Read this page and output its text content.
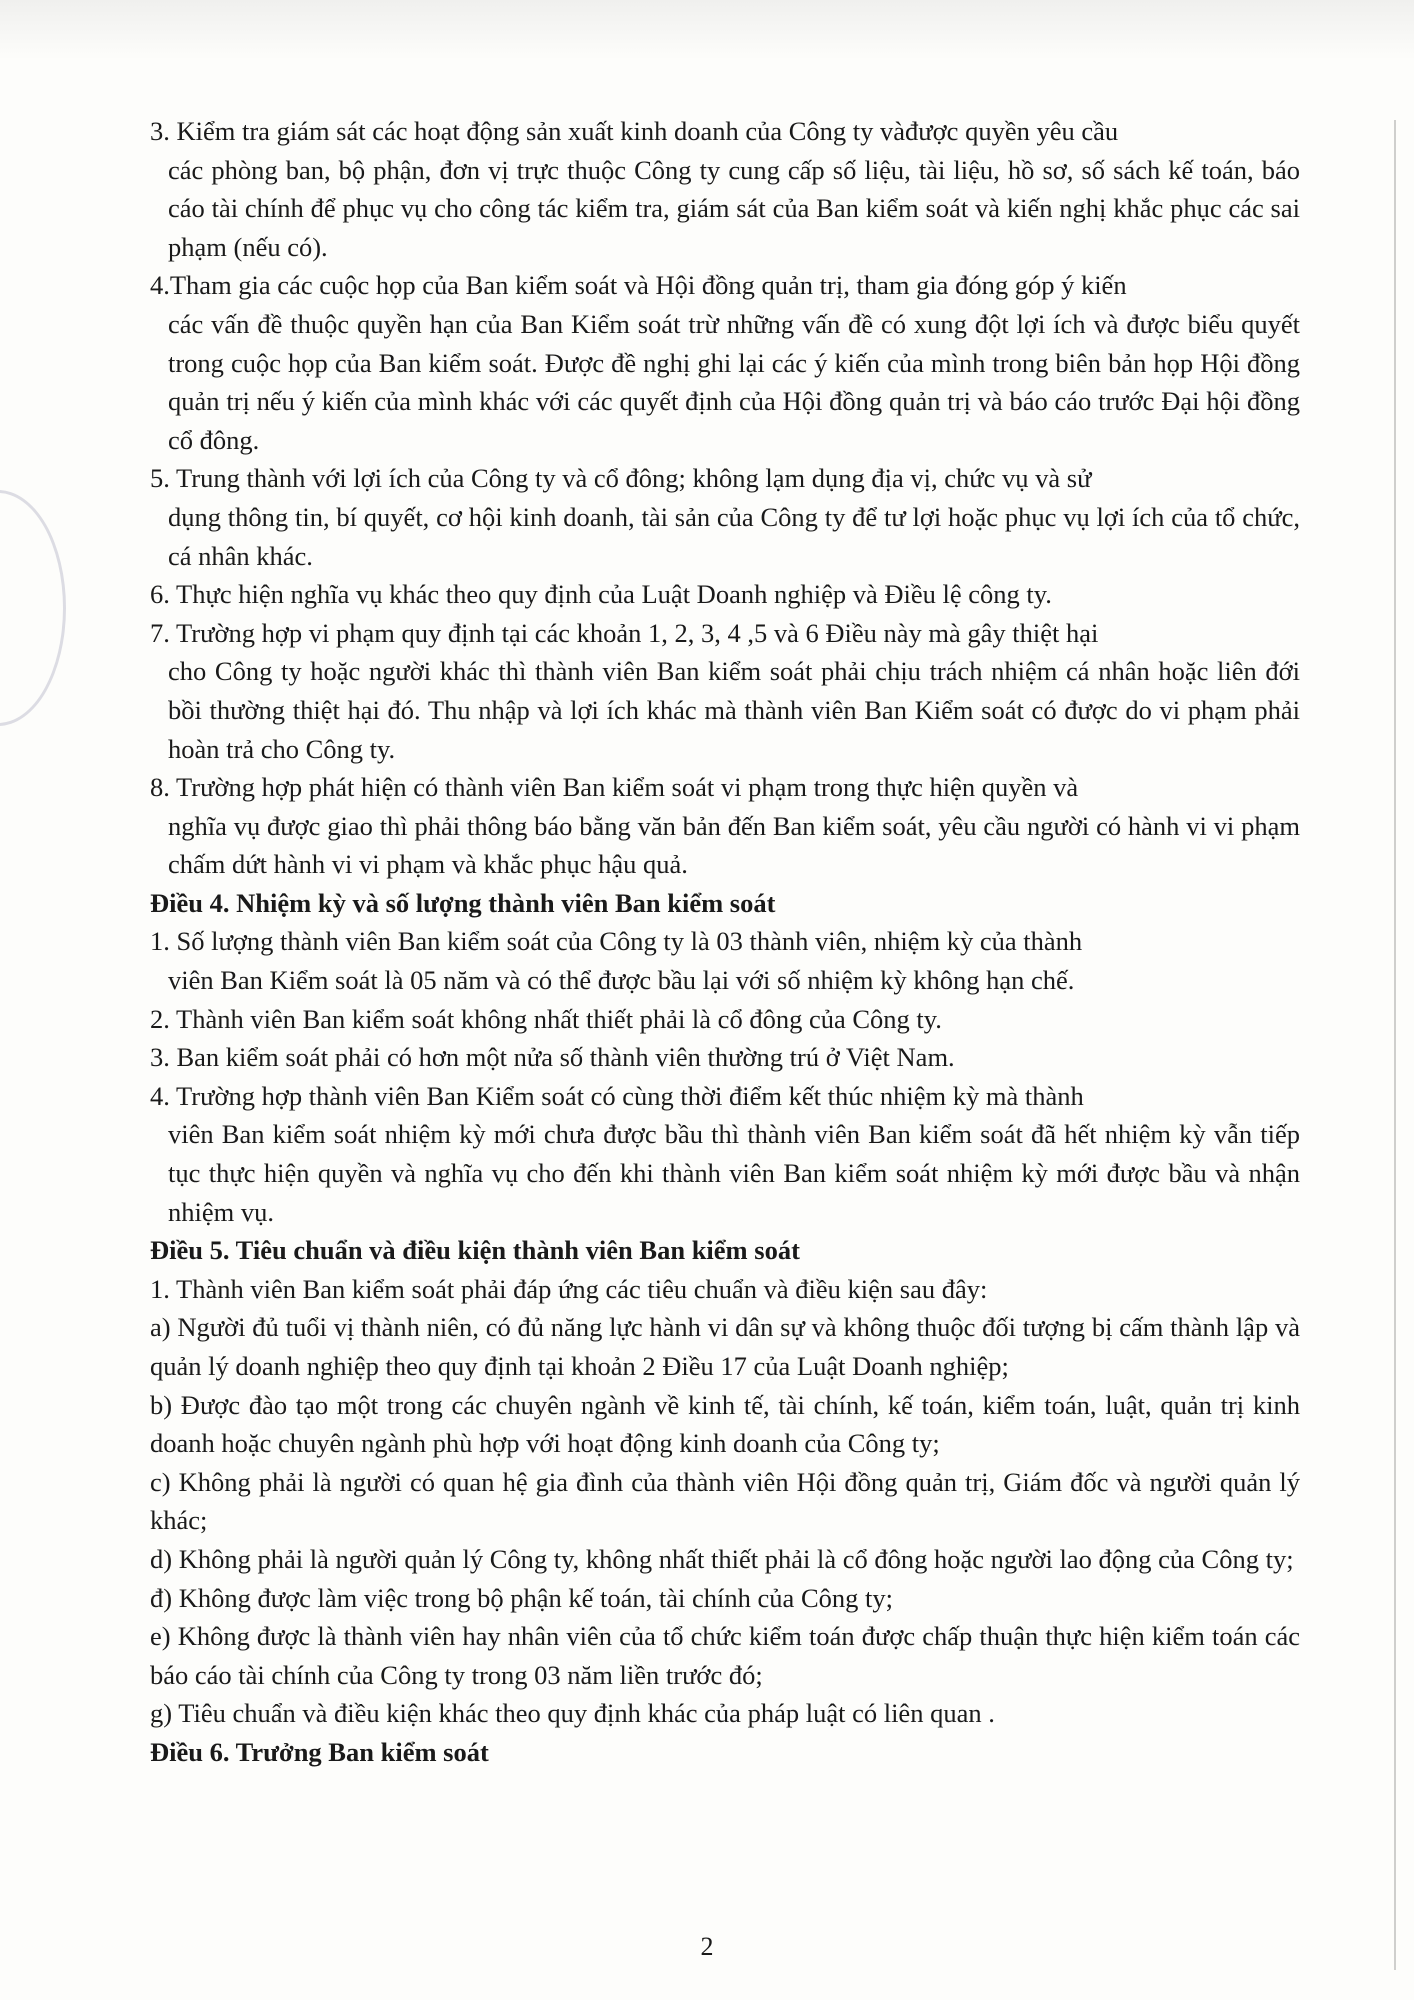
3. Kiểm tra giám sát các hoạt động sản xuất kinh doanh của Công ty vàđược quyền yêu cầu

các phòng ban, bộ phận, đơn vị trực thuộc Công ty cung cấp số liệu, tài liệu, hồ sơ, số sách kế toán, báo cáo tài chính để phục vụ cho công tác kiểm tra, giám sát của Ban kiểm soát và kiến nghị khắc phục các sai phạm (nếu có).

4.Tham gia các cuộc họp của Ban kiểm soát và Hội đồng quản trị, tham gia đóng góp ý kiến

các vấn đề thuộc quyền hạn của Ban Kiểm soát trừ những vấn đề có xung đột lợi ích và được biểu quyết trong cuộc họp của Ban kiểm soát. Được đề nghị ghi lại các ý kiến của mình trong biên bản họp Hội đồng quản trị nếu ý kiến của mình khác với các quyết định của Hội đồng quản trị và báo cáo trước Đại hội đồng cổ đông.

5. Trung thành với lợi ích của Công ty và cổ đông; không lạm dụng địa vị, chức vụ và sử

dụng thông tin, bí quyết, cơ hội kinh doanh, tài sản của Công ty để tư lợi hoặc phục vụ lợi ích của tổ chức, cá nhân khác.

6. Thực hiện nghĩa vụ khác theo quy định của Luật Doanh nghiệp và Điều lệ công ty.

7. Trường hợp vi phạm quy định tại các khoản 1, 2, 3, 4 ,5 và 6 Điều này mà gây thiệt hại

cho Công ty hoặc người khác thì thành viên Ban kiểm soát phải chịu trách nhiệm cá nhân hoặc liên đới bồi thường thiệt hại đó. Thu nhập và lợi ích khác mà thành viên Ban Kiểm soát có được do vi phạm phải hoàn trả cho Công ty.

8. Trường hợp phát hiện có thành viên Ban kiểm soát vi phạm trong thực hiện quyền và

nghĩa vụ được giao thì phải thông báo bằng văn bản đến Ban kiểm soát, yêu cầu người có hành vi vi phạm chấm dứt hành vi vi phạm và khắc phục hậu quả.

Điều 4. Nhiệm kỳ và số lượng thành viên Ban kiểm soát

1. Số lượng thành viên Ban kiểm soát của Công ty là 03 thành viên, nhiệm kỳ của thành

viên Ban Kiểm soát là 05 năm và có thể được bầu lại với số nhiệm kỳ không hạn chế.

2. Thành viên Ban kiểm soát không nhất thiết phải là cổ đông của Công ty.

3. Ban kiểm soát phải có hơn một nửa số thành viên thường trú ở Việt Nam.

4. Trường hợp thành viên Ban Kiểm soát có cùng thời điểm kết thúc nhiệm kỳ mà thành

viên Ban kiểm soát nhiệm kỳ mới chưa được bầu thì thành viên Ban kiểm soát đã hết nhiệm kỳ vẫn tiếp tục thực hiện quyền và nghĩa vụ cho đến khi thành viên Ban kiểm soát nhiệm kỳ mới được bầu và nhận nhiệm vụ.

Điều 5. Tiêu chuẩn và điều kiện thành viên Ban kiểm soát

1. Thành viên Ban kiểm soát phải đáp ứng các tiêu chuẩn và điều kiện sau đây:

a) Người đủ tuổi vị thành niên, có đủ năng lực hành vi dân sự và không thuộc đối tượng bị cấm thành lập và quản lý doanh nghiệp theo quy định tại khoản 2 Điều 17 của Luật Doanh nghiệp;

b) Được đào tạo một trong các chuyên ngành về kinh tế, tài chính, kế toán, kiểm toán, luật, quản trị kinh doanh hoặc chuyên ngành phù hợp với hoạt động kinh doanh của Công ty;

c) Không phải là người có quan hệ gia đình của thành viên Hội đồng quản trị, Giám đốc và người quản lý khác;

d) Không phải là người quản lý Công ty, không nhất thiết phải là cổ đông hoặc người lao động của Công ty;

đ) Không được làm việc trong bộ phận kế toán, tài chính của Công ty;

e) Không được là thành viên hay nhân viên của tổ chức kiểm toán được chấp thuận thực hiện kiểm toán các báo cáo tài chính của Công ty trong 03 năm liền trước đó;

g) Tiêu chuẩn và điều kiện khác theo quy định khác của pháp luật có liên quan .

Điều 6. Trưởng Ban kiểm soát

2
